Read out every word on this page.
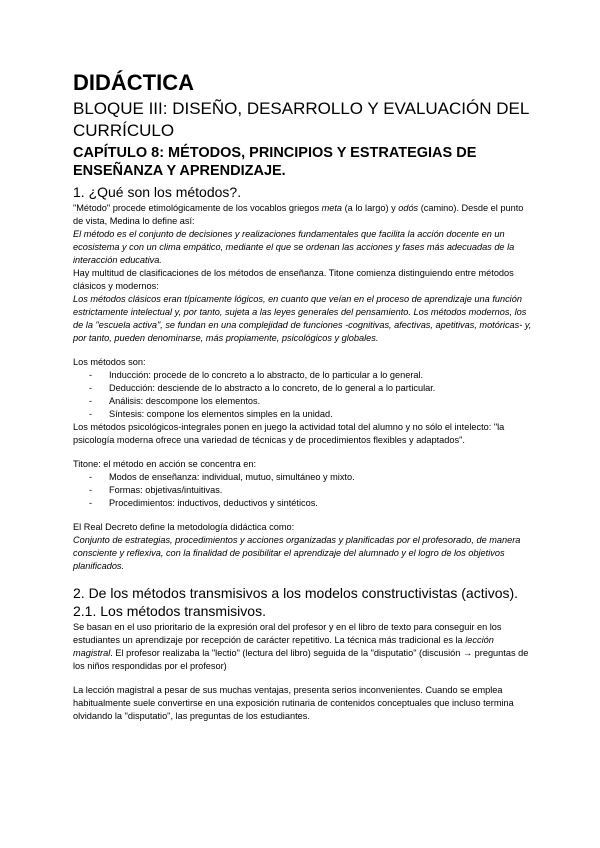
DIDÁCTICA
BLOQUE III: DISEÑO, DESARROLLO Y EVALUACIÓN DEL CURRÍCULO
CAPÍTULO 8: MÉTODOS, PRINCIPIOS Y ESTRATEGIAS DE ENSEÑANZA Y APRENDIZAJE.
1. ¿Qué son los métodos?.

"Método" procede etimológicamente de los vocablos griegos meta (a lo largo) y odós (camino). Desde el punto de vista, Medina lo define así:

El método es el conjunto de decisiones y realizaciones fundamentales que facilita la acción docente en un ecosistema y con un clima empático, mediante el que se ordenan las acciones y fases más adecuadas de la interacción educativa.

Hay multitud de clasificaciones de los métodos de enseñanza. Titone comienza distinguiendo entre métodos clásicos y modernos:

Los métodos clásicos eran típicamente lógicos, en cuanto que veían en el proceso de aprendizaje una función estrictamente intelectual y, por tanto, sujeta a las leyes generales del pensamiento. Los métodos modernos, los de la "escuela activa", se fundan en una complejidad de funciones -cognitivas, afectivas, apetitivas, motóricas- y, por tanto, pueden denominarse, más propiamente, psicológicos y globales.

Los métodos son:

- Inducción: procede de lo concreto a lo abstracto, de lo particular a lo general.
- Deducción: desciende de lo abstracto a lo concreto, de lo general a lo particular.
- Análisis: descompone los elementos.
- Síntesis: compone los elementos simples en la unidad.

Los métodos psicológicos-integrales ponen en juego la actividad total del alumno y no sólo el intelecto: "la psicología moderna ofrece una variedad de técnicas y de procedimientos flexibles y adaptados".

Titone: el método en acción se concentra en:

- Modos de enseñanza: individual, mutuo, simultáneo y mixto.
- Formas: objetivas/intuitivas.
- Procedimientos: inductivos, deductivos y sintéticos.

El Real Decreto define la metodología didáctica como:

Conjunto de estrategias, procedimientos y acciones organizadas y planificadas por el profesorado, de manera consciente y reflexiva, con la finalidad de posibilitar el aprendizaje del alumnado y el logro de los objetivos planificados.

2. De los métodos transmisivos a los modelos constructivistas (activos).
2.1. Los métodos transmisivos.

Se basan en el uso prioritario de la expresión oral del profesor y en el libro de texto para conseguir en los estudiantes un aprendizaje por recepción de carácter repetitivo. La técnica más tradicional es la lección magistral. El profesor realizaba la "lectio" (lectura del libro) seguida de la "disputatio" (discusión → preguntas de los niños respondidas por el profesor)

La lección magistral a pesar de sus muchas ventajas, presenta serios inconvenientes. Cuando se emplea habitualmente suele convertirse en una exposición rutinaria de contenidos conceptuales que incluso termina olvidando la "disputatio", las preguntas de los estudiantes.
